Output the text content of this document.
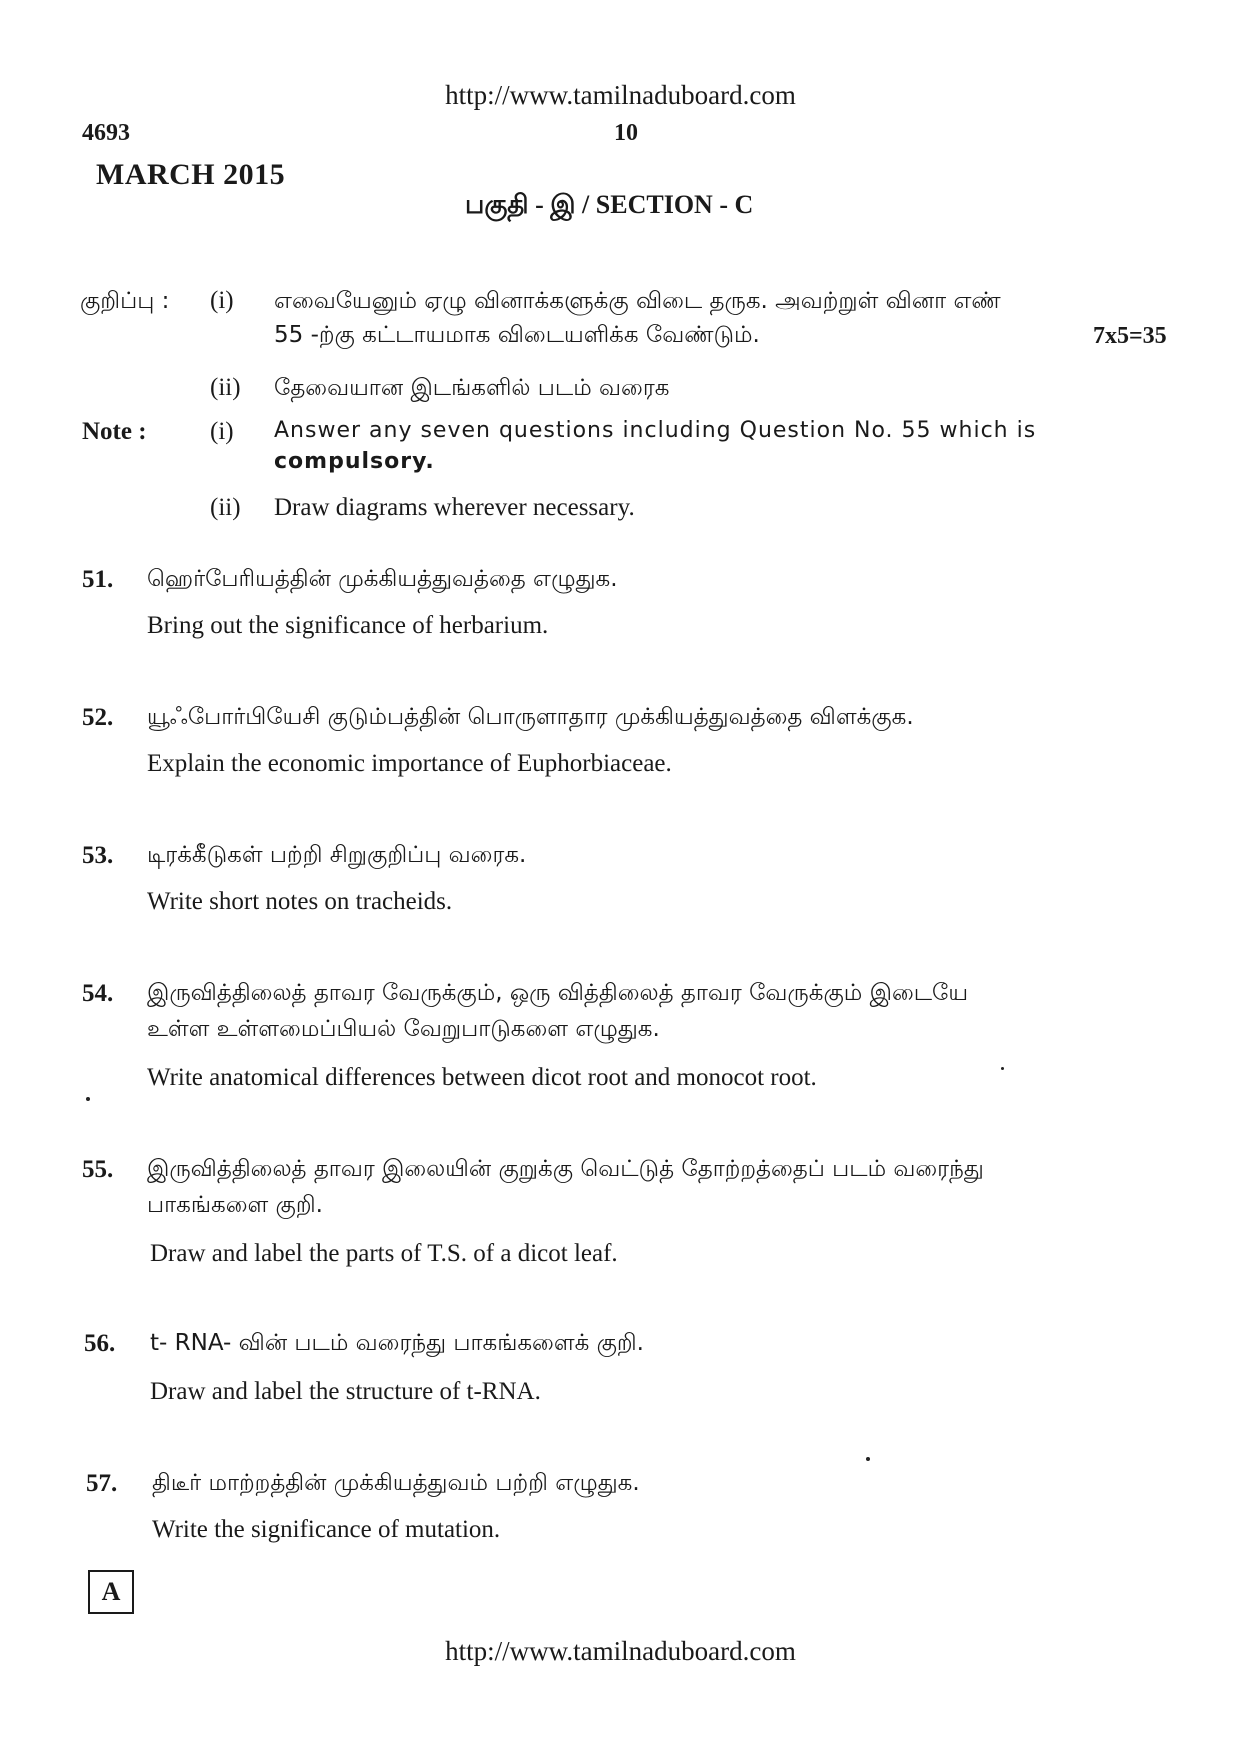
http://www.tamilnaduboard.com
4693	10
MARCH 2015
பகுதி - இ / SECTION - C
குறிப்பு : (i) எவையேனும் ஏழு வினாக்களுக்கு விடை தருக. அவற்றுள் வினா எண்
55 -ற்கு கட்டாயமாக விடையளிக்க வேண்டும்.	7x5=35
(ii) தேவையான இடங்களில் படம் வரைக
Note :	(i) Answer any seven questions including Question No. 55 which is
compulsory.
(ii) Draw diagrams wherever necessary.
51. ஹெர்பேரியத்தின் முக்கியத்துவத்தை எழுதுக.
Bring out the significance of herbarium.
52. யூஃபோர்பியேசி குடும்பத்தின் பொருளாதார முக்கியத்துவத்தை விளக்குக.
Explain the economic importance of Euphorbiaceae.
53. டிரக்கீடுகள் பற்றி சிறுகுறிப்பு வரைக.
Write short notes on tracheids.
54. இருவித்திலைத் தாவர வேருக்கும், ஒரு வித்திலைத் தாவர வேருக்கும் இடையே
உள்ள உள்ளமைப்பியல் வேறுபாடுகளை எழுதுக.
Write anatomical differences between dicot root and monocot root.
55. இருவித்திலைத் தாவர இலையின் குறுக்கு வெட்டுத் தோற்றத்தைப் படம் வரைந்து
பாகங்களை குறி.
Draw and label the parts of T.S. of a dicot leaf.
56. t- RNA- வின் படம் வரைந்து பாகங்களைக் குறி.
Draw and label the structure of t-RNA.
57. திடீர் மாற்றத்தின் முக்கியத்துவம் பற்றி எழுதுக.
Write the significance of mutation.
A
http://www.tamilnaduboard.com
